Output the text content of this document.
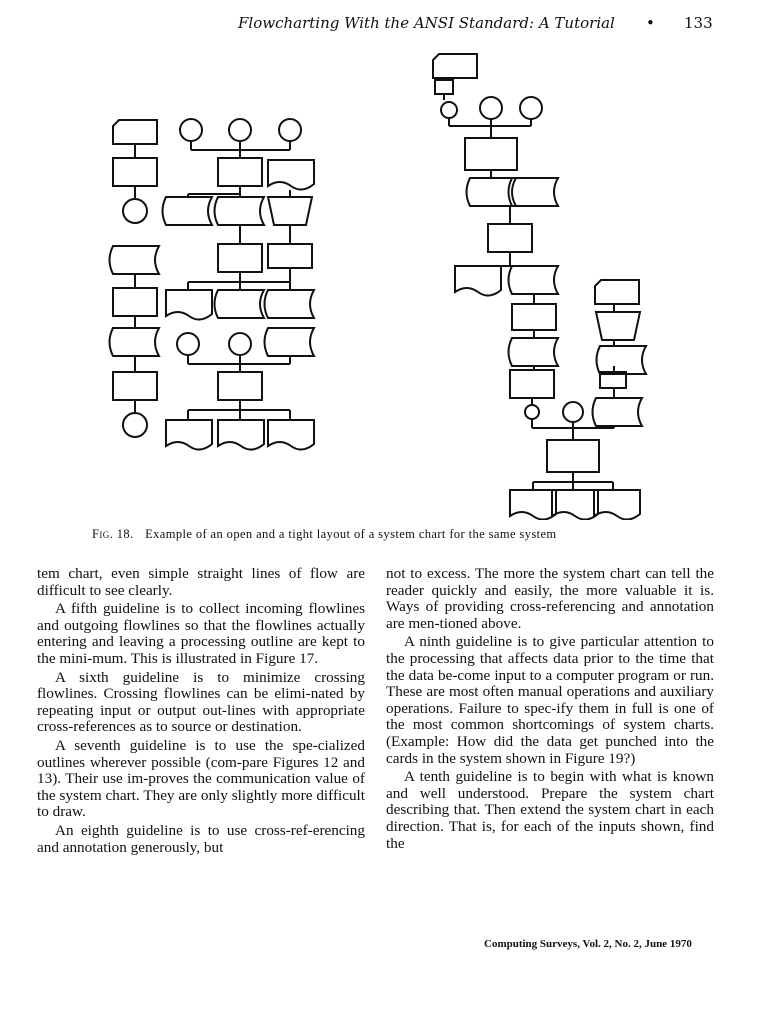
Flowcharting With the ANSI Standard: A Tutorial • 133
Fig. 18. Example of an open and a tight layout of a system chart for the same system

tem chart, even simple straight lines of flow are difficult to see clearly.

A fifth guideline is to collect incoming flowlines and outgoing flowlines so that the flowlines actually entering and leaving a processing outline are kept to the mini-mum. This is illustrated in Figure 17.

A sixth guideline is to minimize crossing flowlines. Crossing flowlines can be elimi-nated by repeating input or output out-lines with appropriate cross-references as to source or destination.

A seventh guideline is to use the spe-cialized outlines wherever possible (com-pare Figures 12 and 13). Their use im-proves the communication value of the system chart. They are only slightly more difficult to draw.

An eighth guideline is to use cross-ref-erencing and annotation generously, but

not to excess. The more the system chart can tell the reader quickly and easily, the more valuable it is. Ways of providing cross-referencing and annotation are men-tioned above.

A ninth guideline is to give particular attention to the processing that affects data prior to the time that the data be-come input to a computer program or run. These are most often manual operations and auxiliary operations. Failure to spec-ify them in full is one of the most common shortcomings of system charts. (Example: How did the data get punched into the cards in the system shown in Figure 19?)

A tenth guideline is to begin with what is known and well understood. Prepare the system chart describing that. Then extend the system chart in each direction. That is, for each of the inputs shown, find the

Computing Surveys, Vol. 2, No. 2, June 1970
